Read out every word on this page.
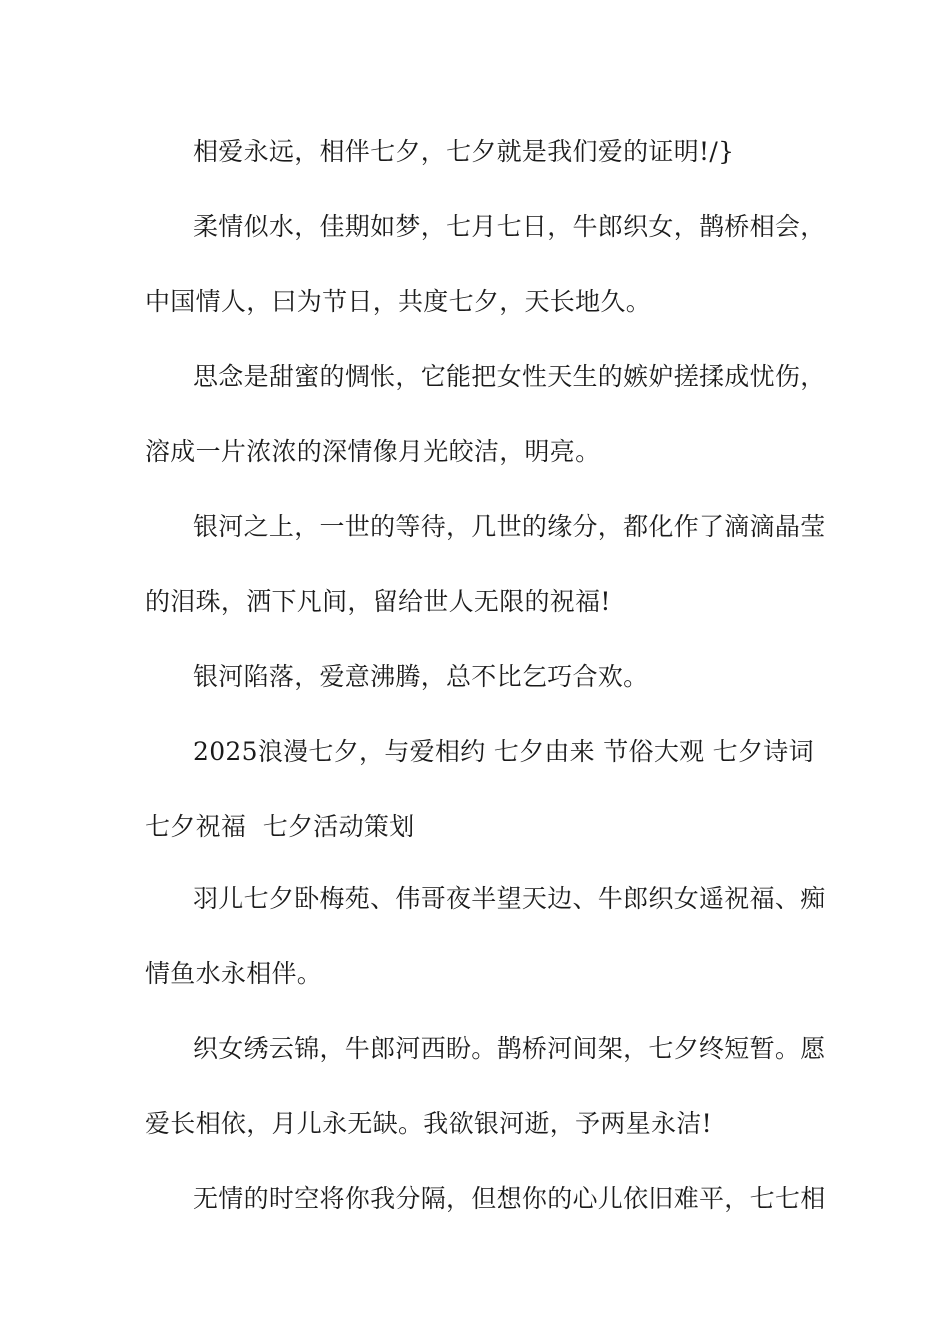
相爱永远，相伴七夕，七夕就是我们爱的证明!/}
柔情似水，佳期如梦，七月七日，牛郎织女，鹊桥相会，
中国情人，曰为节日，共度七夕，天长地久。
思念是甜蜜的惆怅，它能把女性天生的嫉妒搓揉成忧伤，
溶成一片浓浓的深情像月光皎洁，明亮。
银河之上，一世的等待，几世的缘分，都化作了滴滴晶莹
的泪珠，洒下凡间，留给世人无限的祝福!
银河陷落，爱意沸腾，总不比乞巧合欢。
2025浪漫七夕，与爱相约 七夕由来 节俗大观 七夕诗词
七夕祝福  七夕活动策划
羽儿七夕卧梅苑、伟哥夜半望天边、牛郎织女遥祝福、痴
情鱼水永相伴。
织女绣云锦，牛郎河西盼。鹊桥河间架，七夕终短暂。愿
爱长相依，月儿永无缺。我欲银河逝，予两星永洁!
无情的时空将你我分隔，但想你的心儿依旧难平，七七相
